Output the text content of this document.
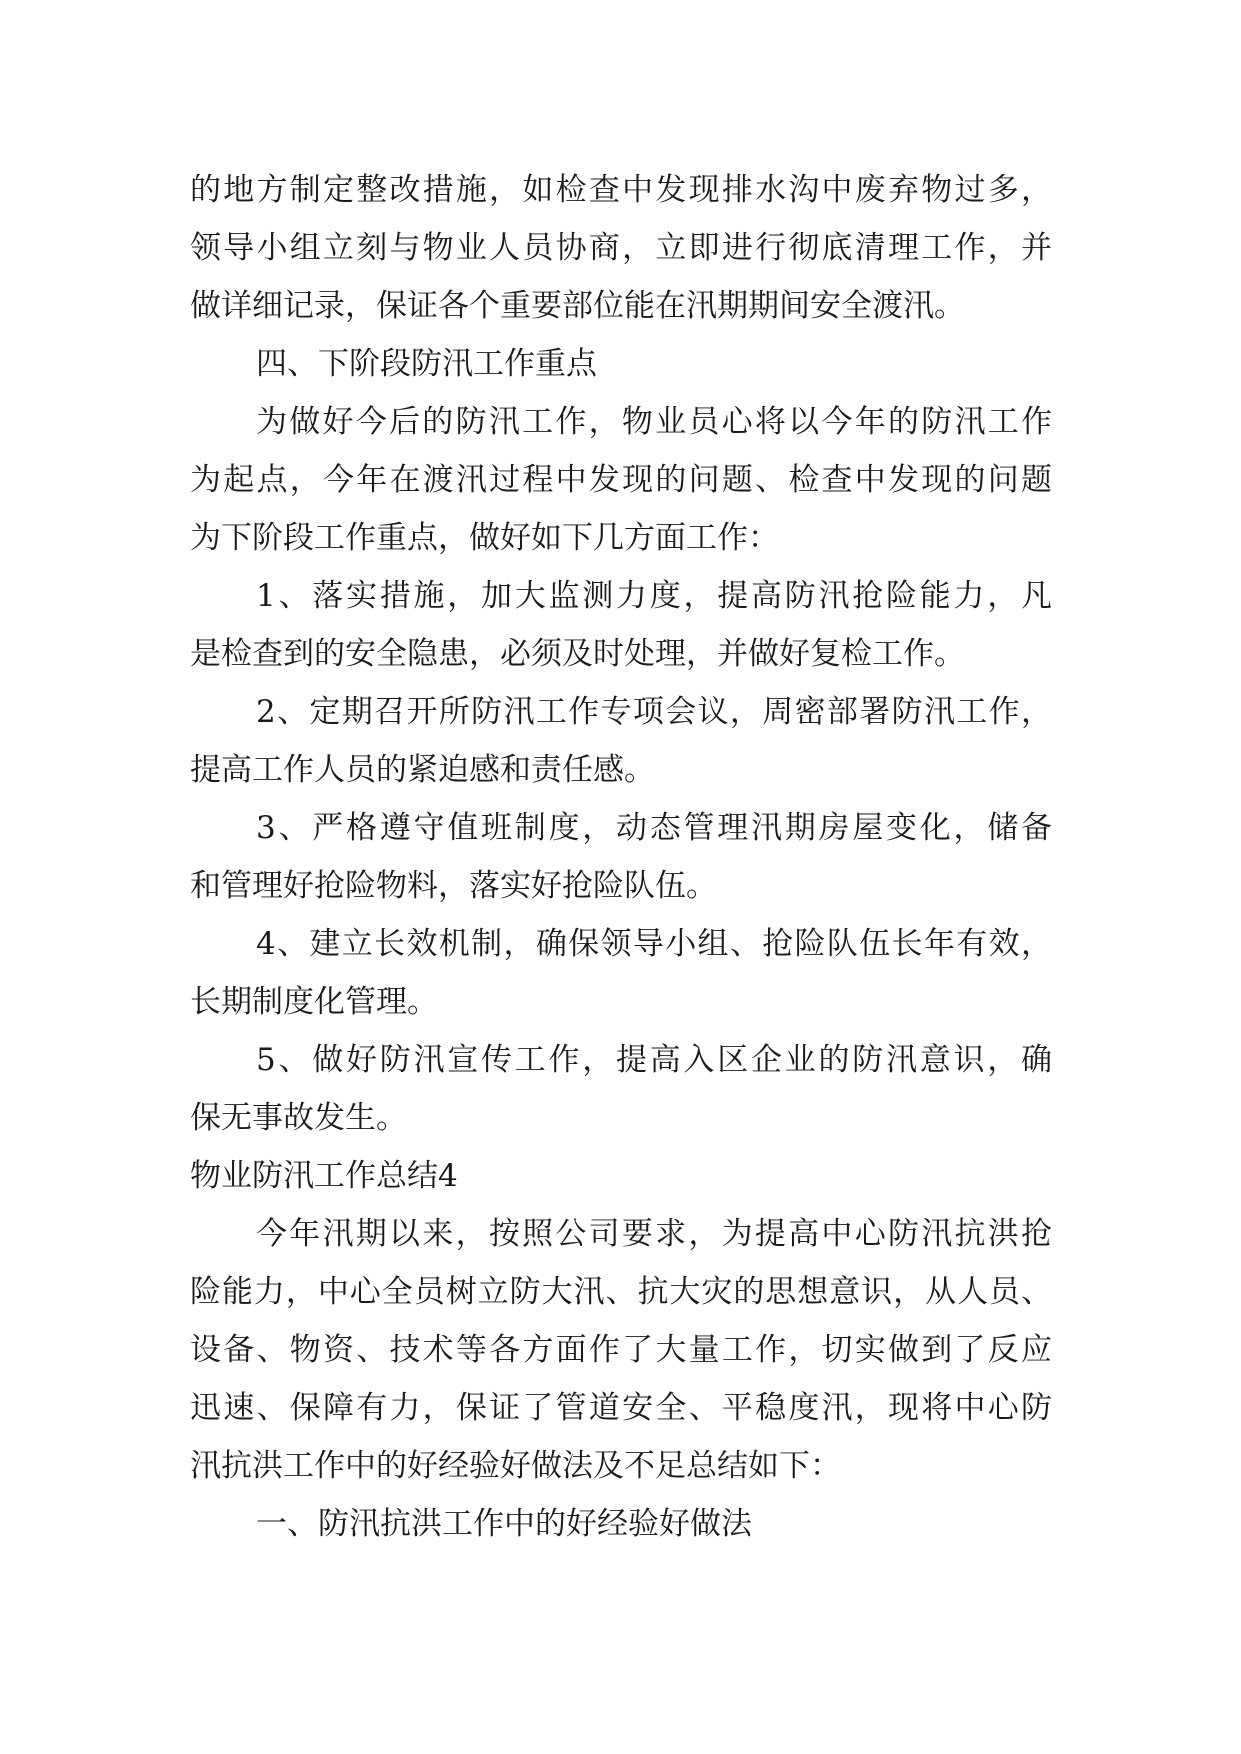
的地方制定整改措施，如检查中发现排水沟中废弃物过多，
领导小组立刻与物业人员协商，立即进行彻底清理工作，并
做详细记录，保证各个重要部位能在汛期期间安全渡汛。
四、下阶段防汛工作重点
为做好今后的防汛工作，物业员心将以今年的防汛工作
为起点，今年在渡汛过程中发现的问题、检查中发现的问题
为下阶段工作重点，做好如下几方面工作：
1、落实措施，加大监测力度，提高防汛抢险能力，凡
是检查到的安全隐患，必须及时处理，并做好复检工作。
2、定期召开所防汛工作专项会议，周密部署防汛工作，
提高工作人员的紧迫感和责任感。
3、严格遵守值班制度，动态管理汛期房屋变化，储备
和管理好抢险物料，落实好抢险队伍。
4、建立长效机制，确保领导小组、抢险队伍长年有效，
长期制度化管理。
5、做好防汛宣传工作，提高入区企业的防汛意识，确
保无事故发生。
物业防汛工作总结4
今年汛期以来，按照公司要求，为提高中心防汛抗洪抢
险能力，中心全员树立防大汛、抗大灾的思想意识，从人员、
设备、物资、技术等各方面作了大量工作，切实做到了反应
迅速、保障有力，保证了管道安全、平稳度汛，现将中心防
汛抗洪工作中的好经验好做法及不足总结如下：
一、防汛抗洪工作中的好经验好做法
